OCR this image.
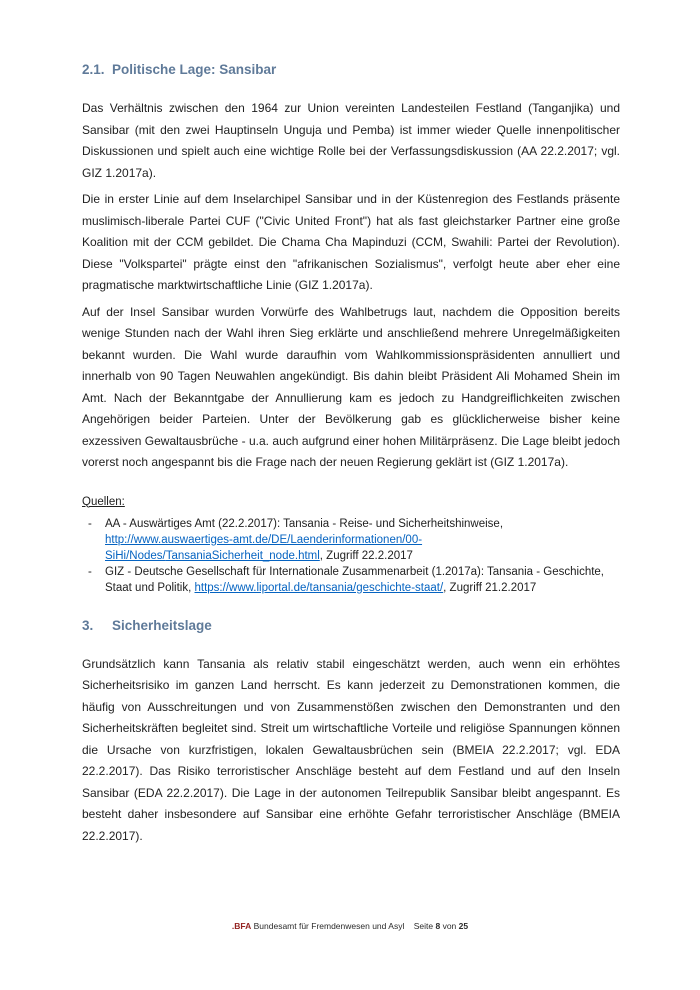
2.1. Politische Lage: Sansibar
Das Verhältnis zwischen den 1964 zur Union vereinten Landesteilen Festland (Tanganjika) und Sansibar (mit den zwei Hauptinseln Unguja und Pemba) ist immer wieder Quelle innenpolitischer Diskussionen und spielt auch eine wichtige Rolle bei der Verfassungsdiskussion (AA 22.2.2017; vgl. GIZ 1.2017a).
Die in erster Linie auf dem Inselarchipel Sansibar und in der Küstenregion des Festlands präsente muslimisch-liberale Partei CUF ("Civic United Front") hat als fast gleichstarker Partner eine große Koalition mit der CCM gebildet. Die Chama Cha Mapinduzi (CCM, Swahili: Partei der Revolution). Diese "Volkspartei" prägte einst den "afrikanischen Sozialismus", verfolgt heute aber eher eine pragmatische marktwirtschaftliche Linie (GIZ 1.2017a).
Auf der Insel Sansibar wurden Vorwürfe des Wahlbetrugs laut, nachdem die Opposition bereits wenige Stunden nach der Wahl ihren Sieg erklärte und anschließend mehrere Unregelmäßigkeiten bekannt wurden. Die Wahl wurde daraufhin vom Wahlkommissionspräsidenten annulliert und innerhalb von 90 Tagen Neuwahlen angekündigt. Bis dahin bleibt Präsident Ali Mohamed Shein im Amt. Nach der Bekanntgabe der Annullierung kam es jedoch zu Handgreiflichkeiten zwischen Angehörigen beider Parteien. Unter der Bevölkerung gab es glücklicherweise bisher keine exzessiven Gewaltausbrüche - u.a. auch aufgrund einer hohen Militärpräsenz. Die Lage bleibt jedoch vorerst noch angespannt bis die Frage nach der neuen Regierung geklärt ist (GIZ 1.2017a).
Quellen:
-	AA - Auswärtiges Amt (22.2.2017): Tansania - Reise- und Sicherheitshinweise, http://www.auswaertiges-amt.de/DE/Laenderinformationen/00-SiHi/Nodes/TansaniaSicherheit_node.html, Zugriff 22.2.2017
-	GIZ - Deutsche Gesellschaft für Internationale Zusammenarbeit (1.2017a): Tansania - Geschichte, Staat und Politik, https://www.liportal.de/tansania/geschichte-staat/, Zugriff 21.2.2017
3. Sicherheitslage
Grundsätzlich kann Tansania als relativ stabil eingeschätzt werden, auch wenn ein erhöhtes Sicherheitsrisiko im ganzen Land herrscht. Es kann jederzeit zu Demonstrationen kommen, die häufig von Ausschreitungen und von Zusammenstößen zwischen den Demonstranten und den Sicherheitskräften begleitet sind. Streit um wirtschaftliche Vorteile und religiöse Spannungen können die Ursache von kurzfristigen, lokalen Gewaltausbrüchen sein (BMEIA 22.2.2017; vgl. EDA 22.2.2017). Das Risiko terroristischer Anschläge besteht auf dem Festland und auf den Inseln Sansibar (EDA 22.2.2017). Die Lage in der autonomen Teilrepublik Sansibar bleibt angespannt. Es besteht daher insbesondere auf Sansibar eine erhöhte Gefahr terroristischer Anschläge (BMEIA 22.2.2017).
.BFA Bundesamt für Fremdenwesen und Asyl Seite 8 von 25
